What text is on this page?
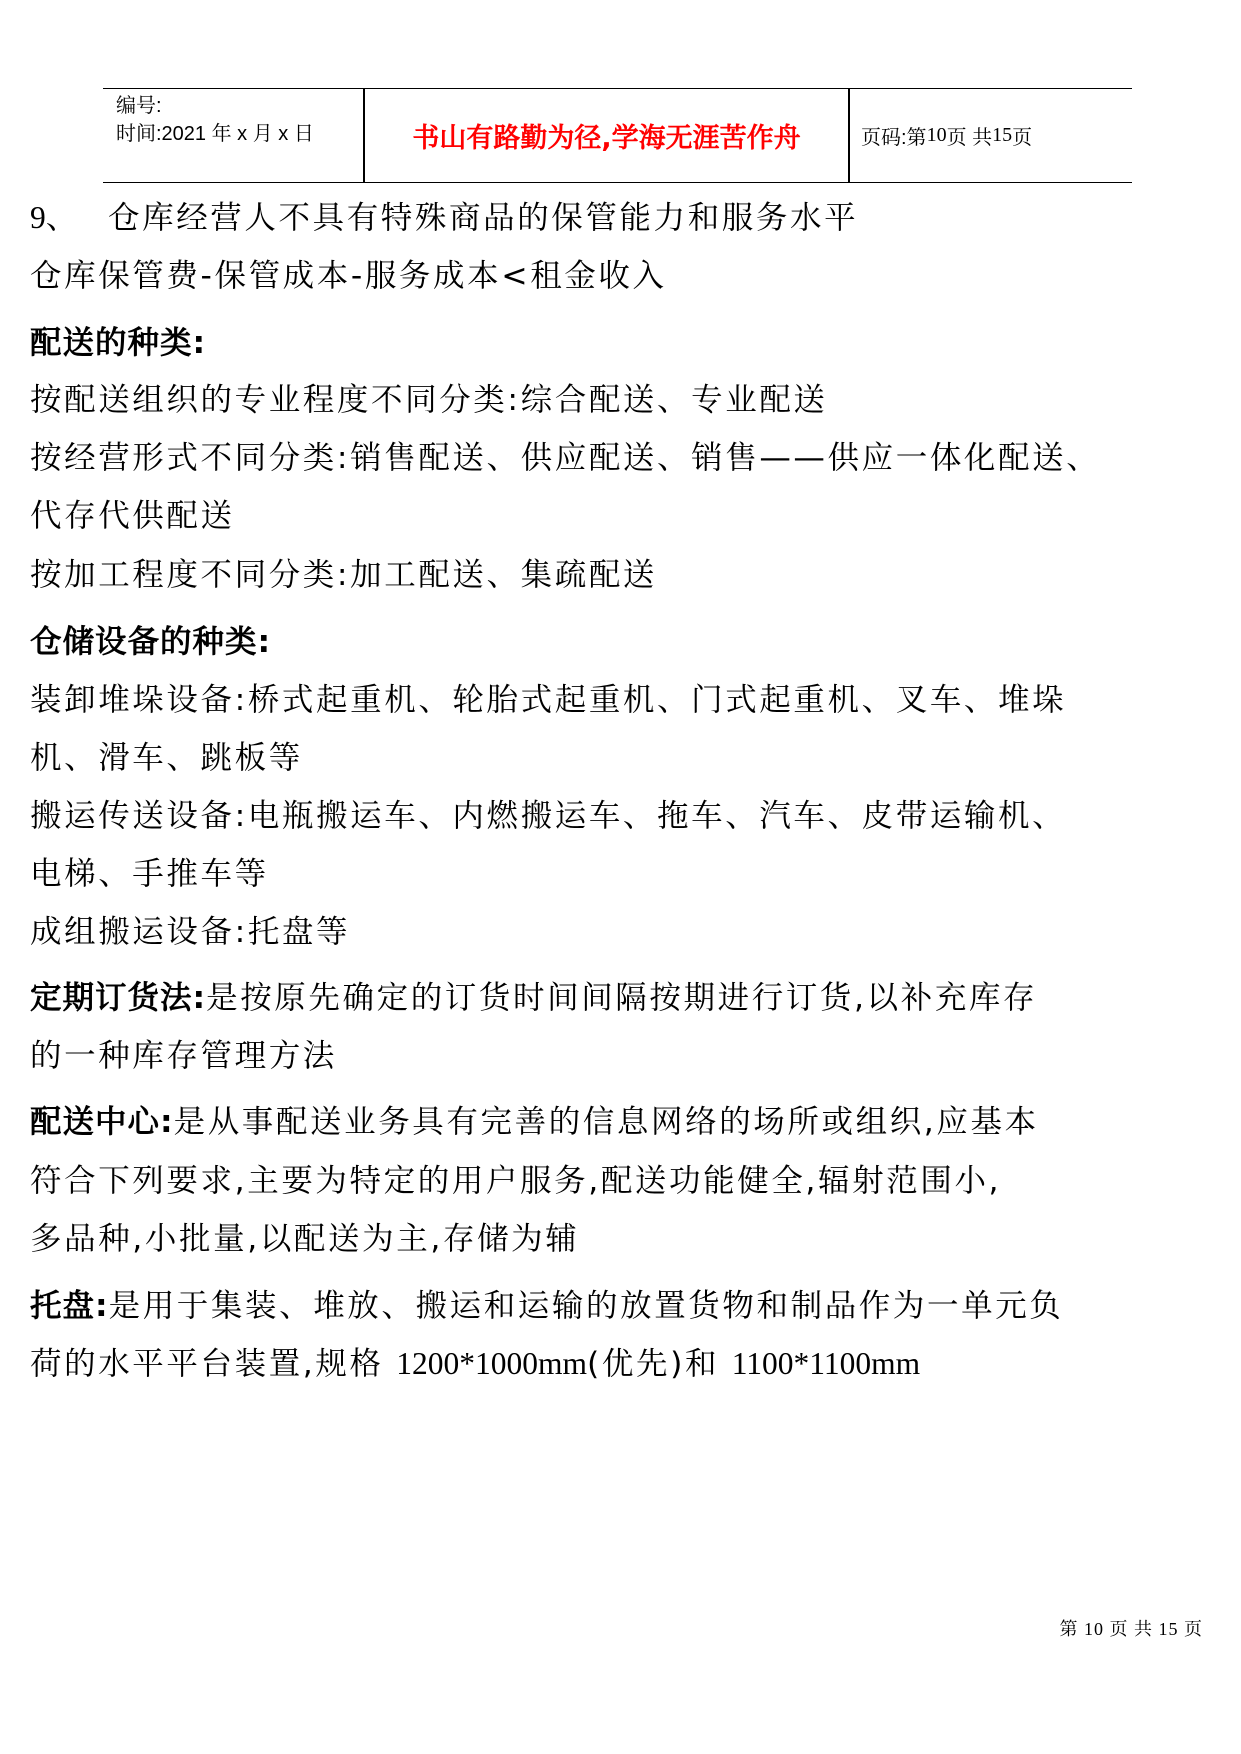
编号:
时间:2021 年 x 月 x 日	书山有路勤为径,学海无涯苦作舟	页码:第 10 页 共 15 页
9、 仓库经营人不具有特殊商品的保管能力和服务水平
仓库保管费-保管成本-服务成本<租金收入
配送的种类:
按配送组织的专业程度不同分类:综合配送、专业配送
按经营形式不同分类:销售配送、供应配送、销售——供应一体化配送、
代存代供配送
按加工程度不同分类:加工配送、集疏配送
仓储设备的种类:
装卸堆垛设备:桥式起重机、轮胎式起重机、门式起重机、叉车、堆垛
机、滑车、跳板等
搬运传送设备:电瓶搬运车、内燃搬运车、拖车、汽车、皮带运输机、
电梯、手推车等
成组搬运设备:托盘等
定期订货法:是按原先确定的订货时间间隔按期进行订货,以补充库存
的一种库存管理方法
配送中心:是从事配送业务具有完善的信息网络的场所或组织,应基本
符合下列要求,主要为特定的用户服务,配送功能健全,辐射范围小,
多品种,小批量,以配送为主,存储为辅
托盘:是用于集装、堆放、搬运和运输的放置货物和制品作为一单元负
荷的水平平台装置,规格 1200*1000mm(优先)和 1100*1100mm
第 10 页 共 15 页
